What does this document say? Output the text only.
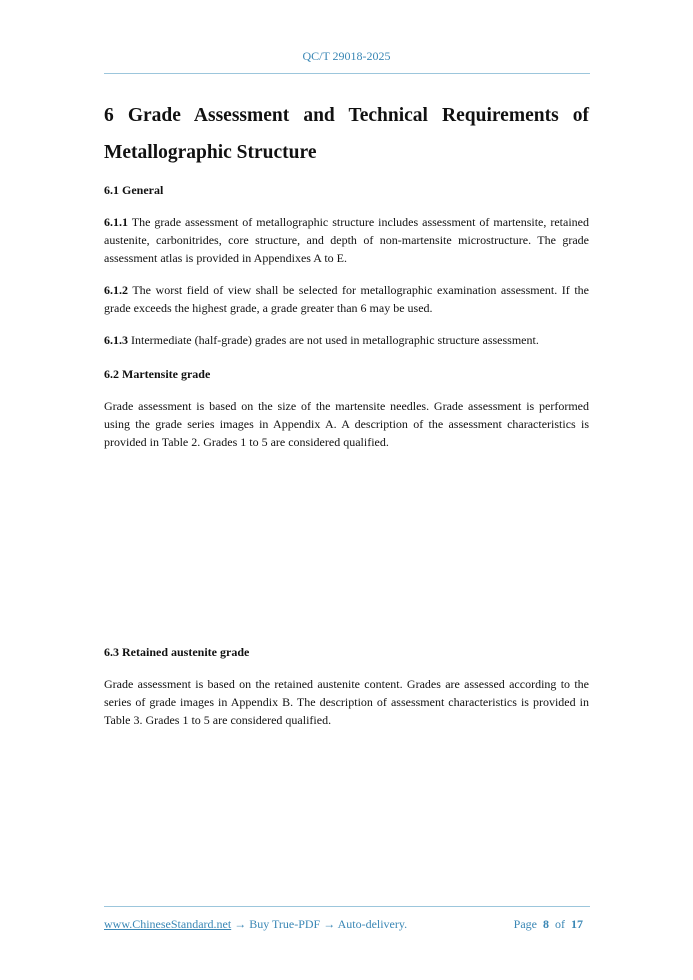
QC/T 29018-2025
6 Grade Assessment and Technical Requirements of Metallographic Structure
6.1 General
6.1.1 The grade assessment of metallographic structure includes assessment of martensite, retained austenite, carbonitrides, core structure, and depth of non-martensite microstructure. The grade assessment atlas is provided in Appendixes A to E.
6.1.2 The worst field of view shall be selected for metallographic examination assessment. If the grade exceeds the highest grade, a grade greater than 6 may be used.
6.1.3 Intermediate (half-grade) grades are not used in metallographic structure assessment.
6.2 Martensite grade
Grade assessment is based on the size of the martensite needles. Grade assessment is performed using the grade series images in Appendix A. A description of the assessment characteristics is provided in Table 2. Grades 1 to 5 are considered qualified.
6.3 Retained austenite grade
Grade assessment is based on the retained austenite content. Grades are assessed according to the series of grade images in Appendix B. The description of assessment characteristics is provided in Table 3. Grades 1 to 5 are considered qualified.
www.ChineseStandard.net → Buy True-PDF → Auto-delivery.	Page 8 of 17
